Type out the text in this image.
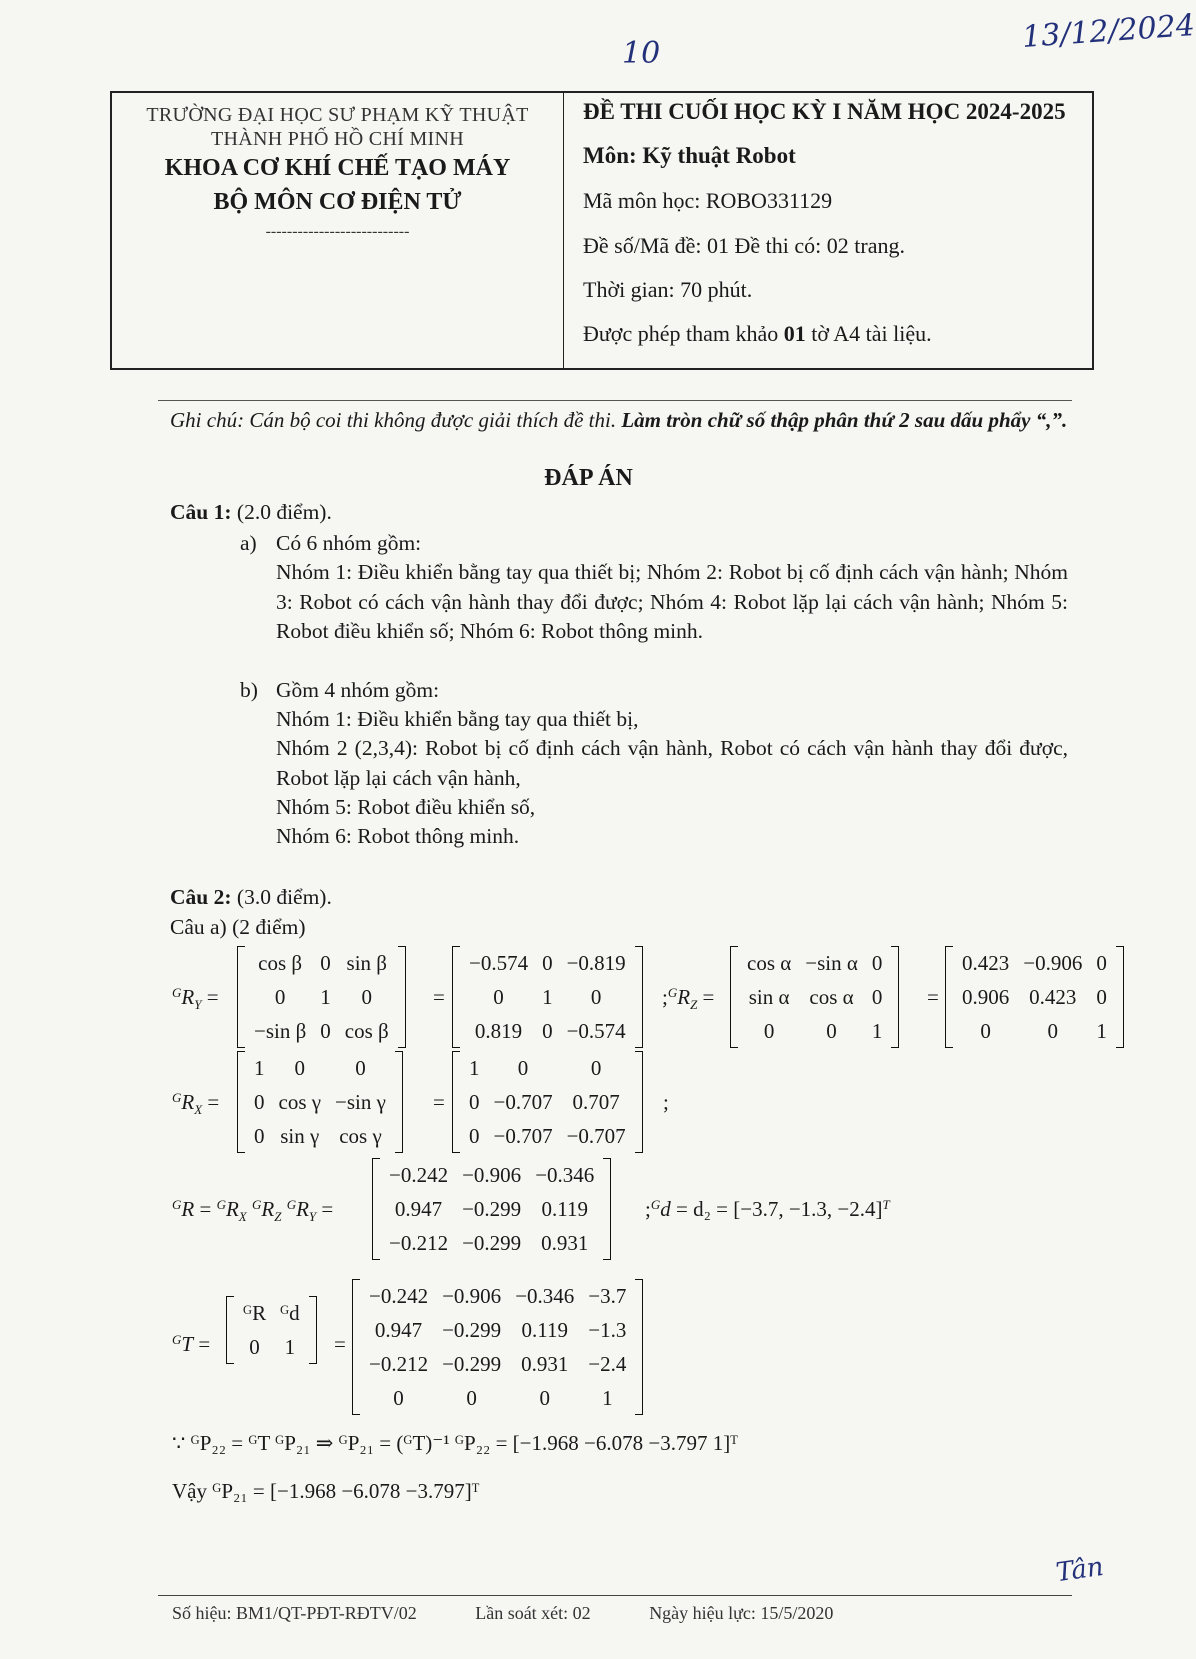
13/12/2024
10
TRƯỜNG ĐẠI HỌC SƯ PHẠM KỸ THUẬT
THÀNH PHỐ HỒ CHÍ MINH
KHOA CƠ KHÍ CHẾ TẠO MÁY
BỘ MÔN CƠ ĐIỆN TỬ
---------------------------
ĐỀ THI CUỐI HỌC KỲ I NĂM HỌC 2024-2025
Môn: Kỹ thuật Robot
Mã môn học: ROBO331129
Đề số/Mã đề: 01 Đề thi có: 02 trang.
Thời gian: 70 phút.
Được phép tham khảo 01 tờ A4 tài liệu.
Ghi chú: Cán bộ coi thi không được giải thích đề thi. Làm tròn chữ số thập phân thứ 2 sau dấu phẩy “,”.
ĐÁP ÁN
Câu 1: (2.0 điểm).
a) Có 6 nhóm gồm:
Nhóm 1: Điều khiển bằng tay qua thiết bị; Nhóm 2: Robot bị cố định cách vận hành; Nhóm 3: Robot có cách vận hành thay đổi được; Nhóm 4: Robot lặp lại cách vận hành; Nhóm 5: Robot điều khiển số; Nhóm 6: Robot thông minh.
b) Gồm 4 nhóm gồm:
Nhóm 1: Điều khiển bằng tay qua thiết bị,
Nhóm 2 (2,3,4): Robot bị cố định cách vận hành, Robot có cách vận hành thay đổi được, Robot lặp lại cách vận hành,
Nhóm 5: Robot điều khiển số,
Nhóm 6: Robot thông minh.
Câu 2: (3.0 điểm).
Câu a) (2 điểm)
$^GR_Y$ =
cos β	0	sin β
0	1	0
−sin β	0	cos β
=
−0.574	0	−0.819
0	1	0
0.819	0	−0.574
$;^GR_Z$ =
cos α	−sin α	0
sin α	cos α	0
0	0	1
=
0.423	−0.906	0
0.906	0.423	0
0	0	1
$^GR_X$ =
1	0	0
0	cos γ	−sin γ
0	sin γ	cos γ
=
1	0	0
0	−0.707	0.707
0	−0.707	−0.707
;
$^GR = ^GR_X$ $^GR_Z$ $^GR_Y$ =
−0.242	−0.906	−0.346
0.947	−0.299	0.119
−0.212	−0.299	0.931
;$^G$d = d₂ = [−3.7, −1.3, −2.4]$^T$
$^G$T =
ᴳR	ᴳd
0	1 =
−0.242	−0.906	−0.346	−3.7
0.947	−0.299	0.119	−1.3
−0.212	−0.299	0.931	−2.4
0	0	0	1
∵ ᴳP₂₂ = ᴳT ᴳP₂₁ ⇒ ᴳP₂₁ = (ᴳT)⁻¹ ᴳP₂₂ = [−1.968 −6.078 −3.797 1]ᵀ
Vậy ᴳP₂₁ = [−1.968 −6.078 −3.797]ᵀ
Tân
Số hiệu: BM1/QT-PĐT-RĐTV/02	Lần soát xét: 02	Ngày hiệu lực: 15/5/2020
